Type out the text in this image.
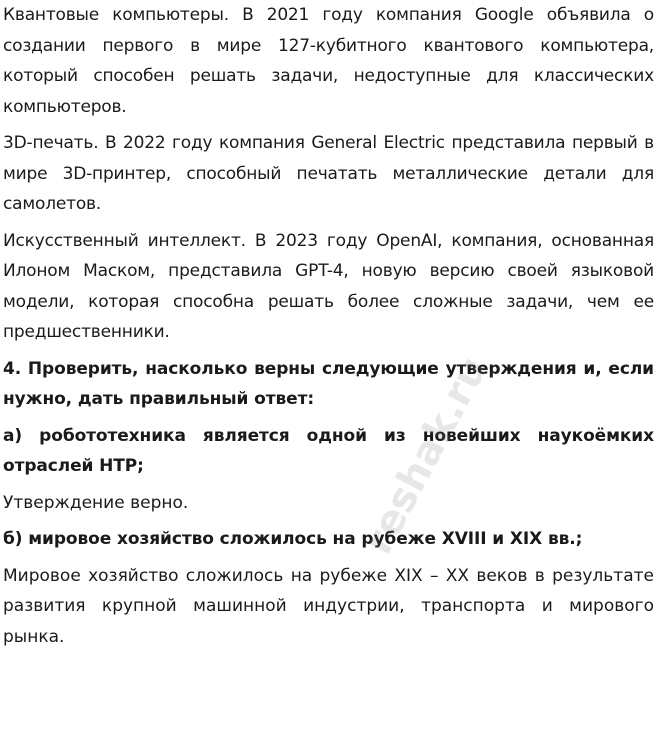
Квантовые компьютеры. В 2021 году компания Google объявила о создании первого в мире 127-кубитного квантового компьютера, который способен решать задачи, недоступные для классических компьютеров.

3D-печать. В 2022 году компания General Electric представила первый в мире 3D-принтер, способный печатать металлические детали для самолетов.

Искусственный интеллект. В 2023 году OpenAI, компания, основанная Илоном Маском, представила GPT-4, новую версию своей языковой модели, которая способна решать более сложные задачи, чем ее предшественники.

4. Проверить, насколько верны следующие утверждения и, если нужно, дать правильный ответ:

а) робототехника является одной из новейших наукоёмких отраслей НТР;

Утверждение верно.

б) мировое хозяйство сложилось на рубеже XVIII и XIX вв.;

Мировое хозяйство сложилось на рубеже XIX – XX веков в результате развития крупной машинной индустрии, транспорта и мирового рынка.

reshak.ru
